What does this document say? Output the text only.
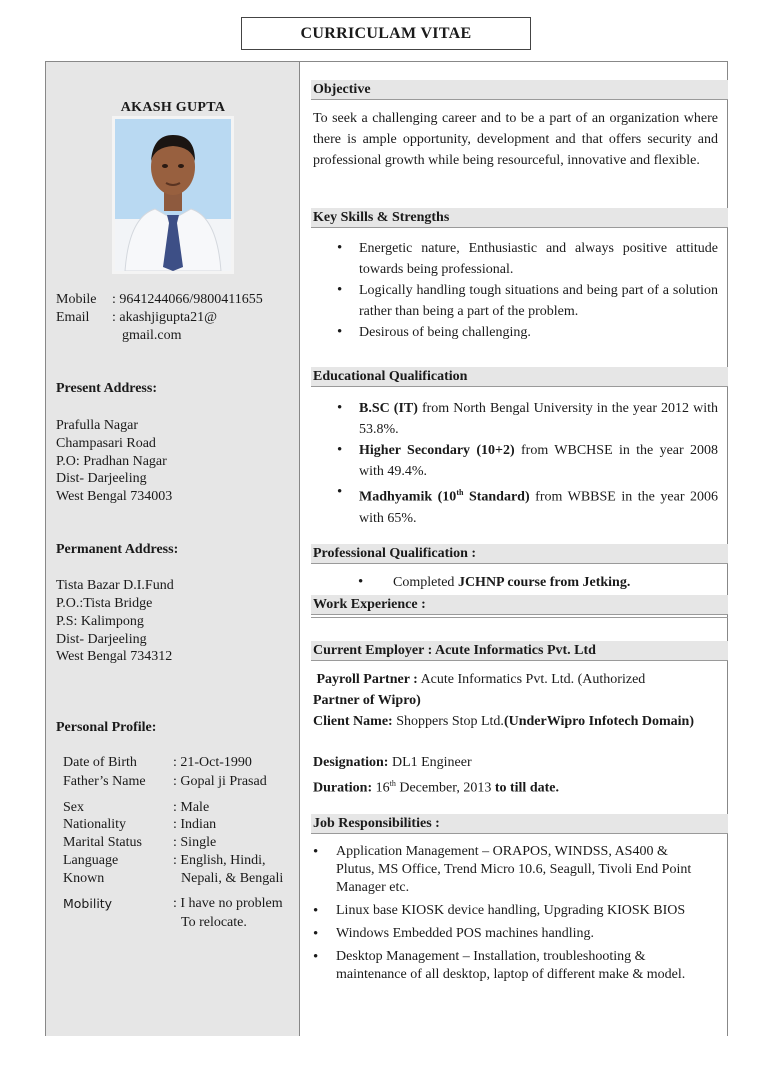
CURRICULAM VITAE
AKASH GUPTA
Mobile : 9641244066/9800411655
Email : akashjigupta21@
gmail.com
Present Address:
Prafulla Nagar
Champasari Road
P.O: Pradhan Nagar
Dist- Darjeeling
West Bengal 734003
Permanent Address:
Tista Bazar D.I.Fund
P.O.:Tista Bridge
P.S: Kalimpong
Dist- Darjeeling
West Bengal 734312
Personal Profile:
Date of Birth	: 21-Oct-1990
Father’s Name	: Gopal ji Prasad
Sex	: Male
Nationality	: Indian
Marital Status	: Single
Language	: English, Hindi,
Known	Nepali, & Bengali
Mobility	: I have no problem
To relocate.
Objective
To seek a challenging career and to be a part of an organization where there is ample opportunity, development and that offers security and professional growth while being resourceful, innovative and flexible.
Key Skills & Strengths
• Energetic nature, Enthusiastic and always positive attitude towards being professional.
• Logically handling tough situations and being part of a solution rather than being a part of the problem.
• Desirous of being challenging.
Educational Qualification
• B.SC (IT) from North Bengal University in the year 2012 with 53.8%.
• Higher Secondary (10+2) from WBCHSE in the year 2008 with 49.4%.
• Madhyamik (10th Standard) from WBBSE in the year 2006 with 65%.
Professional Qualification :
• Completed JCHNP course from Jetking.
Work Experience :
Current Employer : Acute Informatics Pvt. Ltd
Payroll Partner : Acute Informatics Pvt. Ltd. (Authorized
Partner of Wipro)
Client Name: Shoppers Stop Ltd.(UnderWipro Infotech Domain)
Designation: DL1 Engineer
Duration: 16th December, 2013 to till date.
Job Responsibilities :
• Application Management – ORAPOS, WINDSS, AS400 & Plutus, MS Office, Trend Micro 10.6, Seagull, Tivoli End Point Manager etc.
• Linux base KIOSK device handling, Upgrading KIOSK BIOS
• Windows Embedded POS machines handling.
• Desktop Management – Installation, troubleshooting & maintenance of all desktop, laptop of different make & model.
